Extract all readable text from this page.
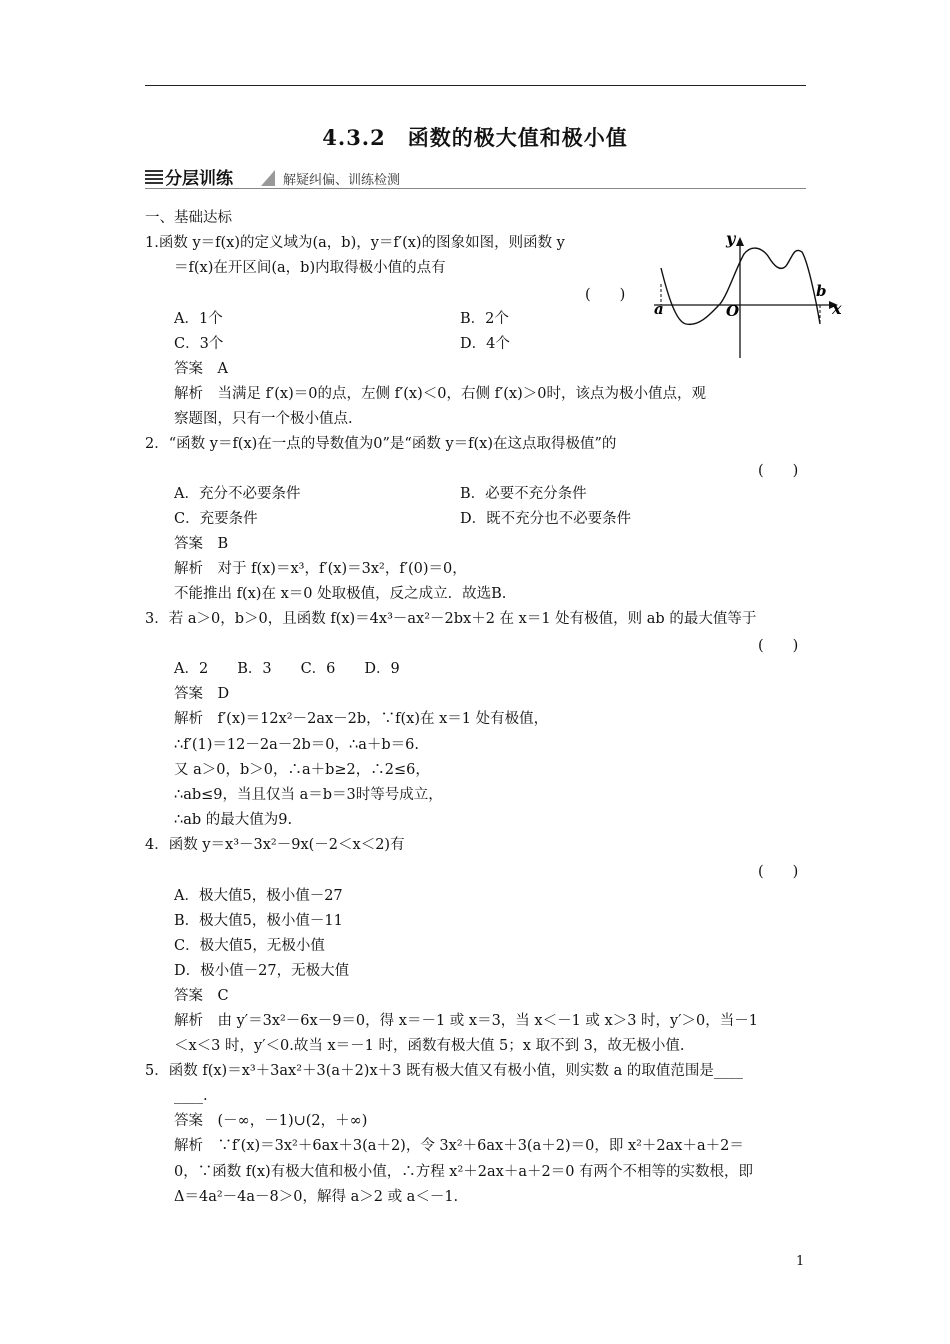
4.3.2　函数的极大值和极小值
分层训练	解疑纠偏、训练检测
一、基础达标
1.函数 y＝f(x)的定义域为(a，b)，y＝f′(x)的图象如图，则函数 y
＝f(x)在开区间(a，b)内取得极小值的点有
(　　)
A．1个	B．2个
C．3个	D．4个
答案　A
解析　当满足 f′(x)＝0的点，左侧 f′(x)＜0，右侧 f′(x)＞0时，该点为极小值点，观
察题图，只有一个极小值点.
y
x
O
a
b
2．“函数 y＝f(x)在一点的导数值为0”是“函数 y＝f(x)在这点取得极值”的
(　　)
A．充分不必要条件	B．必要不充分条件
C．充要条件	D．既不充分也不必要条件
答案　B
解析　对于 f(x)＝x³，f′(x)＝3x²，f′(0)＝0，
不能推出 f(x)在 x＝0 处取极值，反之成立．故选B.
3．若 a＞0，b＞0，且函数 f(x)＝4x³－ax²－2bx＋2 在 x＝1 处有极值，则 ab 的最大值等于
(　　)
A．2　　B．3　　C．6　　D．9
答案　D
解析　f′(x)＝12x²－2ax－2b，∵f(x)在 x＝1 处有极值，
∴f′(1)＝12－2a－2b＝0，∴a＋b＝6.
又 a＞0，b＞0，∴a＋b≥2，∴2≤6，
∴ab≤9，当且仅当 a＝b＝3时等号成立，
∴ab 的最大值为9.
4．函数 y＝x³－3x²－9x(－2＜x＜2)有
(　　)
A．极大值5，极小值－27
B．极大值5，极小值－11
C．极大值5，无极小值
D．极小值－27，无极大值
答案　C
解析　由 y′＝3x²－6x－9＝0，得 x＝－1 或 x＝3，当 x＜－1 或 x＞3 时，y′＞0，当－1
＜x＜3 时，y′＜0.故当 x＝－1 时，函数有极大值 5；x 取不到 3，故无极小值.
5．函数 f(x)＝x³＋3ax²＋3(a＋2)x＋3 既有极大值又有极小值，则实数 a 的取值范围是____
____.
答案　(－∞，－1)∪(2，＋∞)
解析　∵f′(x)＝3x²＋6ax＋3(a＋2)，令 3x²＋6ax＋3(a＋2)＝0，即 x²＋2ax＋a＋2＝
0，∵函数 f(x)有极大值和极小值，∴方程 x²＋2ax＋a＋2＝0 有两个不相等的实数根，即
Δ＝4a²－4a－8＞0，解得 a＞2 或 a＜－1.
1
